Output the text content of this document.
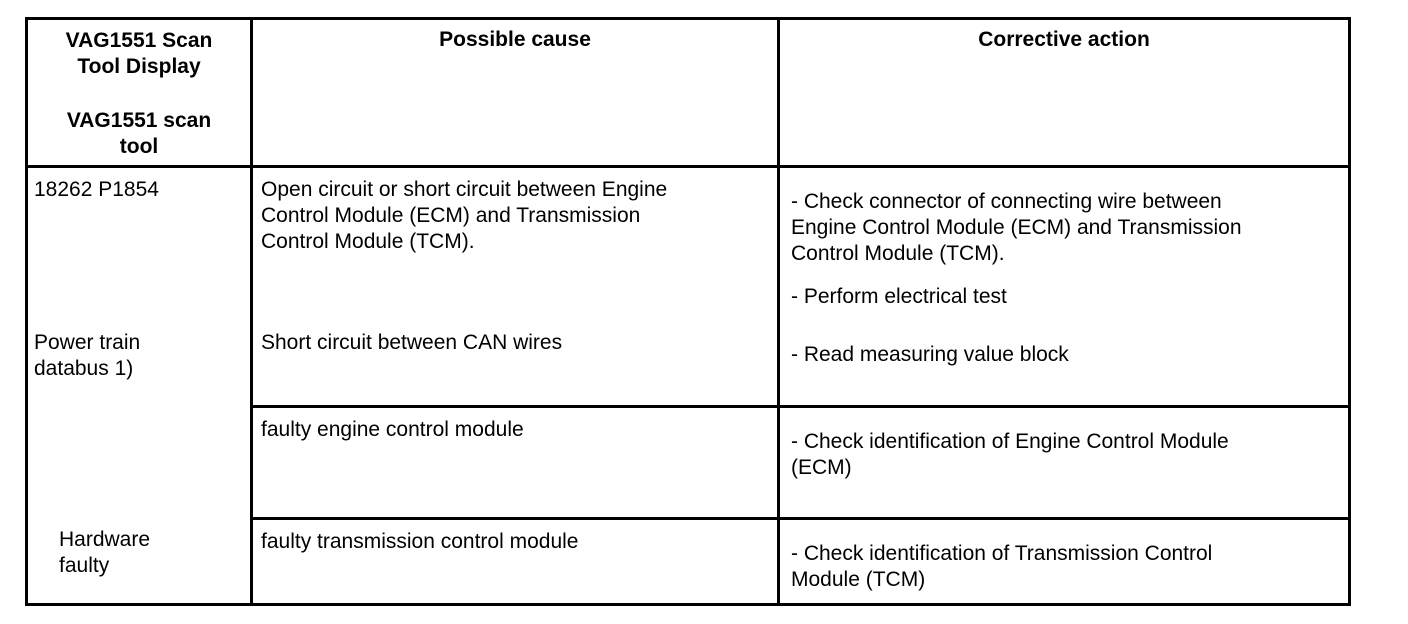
VAG1551 Scan
Tool Display
VAG1551 scan
tool
Possible cause	Corrective action
18262 P1854
Power train
databus 1)
Hardware
faulty
Open circuit or short circuit between Engine
Control Module (ECM) and Transmission
Control Module (TCM).
Short circuit between CAN wires
faulty engine control module
faulty transmission control module
- Check connector of connecting wire between
Engine Control Module (ECM) and Transmission
Control Module (TCM).
- Perform electrical test
- Read measuring value block
- Check identification of Engine Control Module
(ECM)
- Check identification of Transmission Control
Module (TCM)
